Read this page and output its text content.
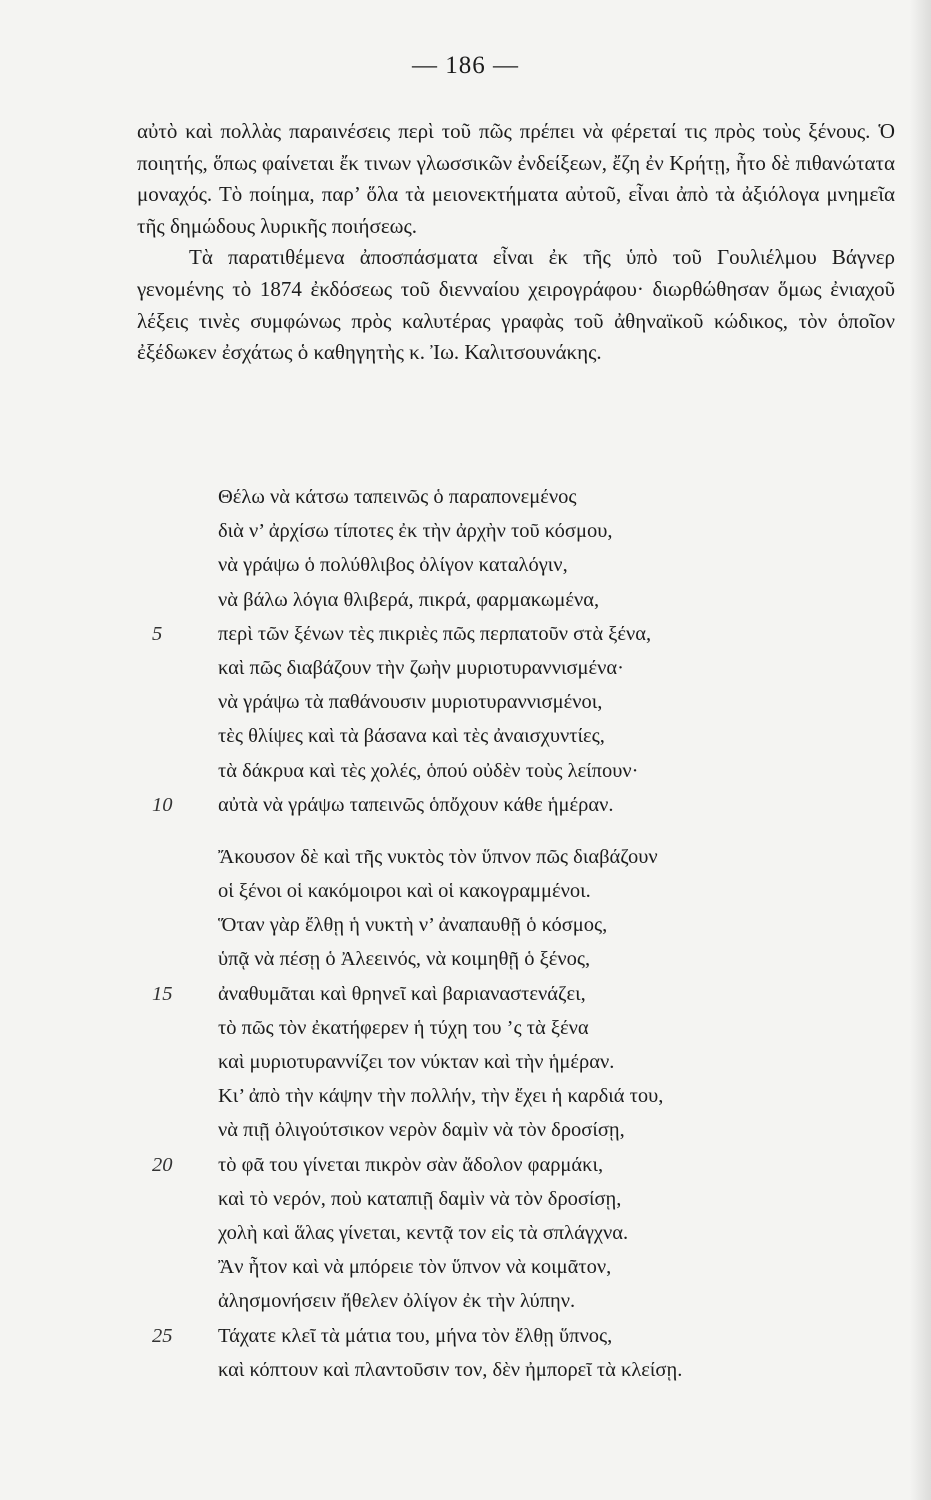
— 186 —

αὐτὸ καὶ πολλὰς παραινέσεις περὶ τοῦ πῶς πρέπει νὰ φέρεταί τις πρὸς τοὺς ξένους. Ὁ ποιητής, ὅπως φαίνεται ἔκ τινων γλωσσικῶν ἐνδείξεων, ἔζη ἐν Κρήτῃ, ἦτο δὲ πιθανώτατα μοναχός. Τὸ ποίημα, παρ’ ὅλα τὰ μειονεκτήματα αὐτοῦ, εἶναι ἀπὸ τὰ ἀξιόλογα μνημεῖα τῆς δημώδους λυρικῆς ποιήσεως.

Τὰ παρατιθέμενα ἀποσπάσματα εἶναι ἐκ τῆς ὑπὸ τοῦ Γουλιέλμου Βάγνερ γενομένης τὸ 1874 ἐκδόσεως τοῦ διενναίου χειρογράφου· διωρθώθησαν ὅμως ἐνιαχοῦ λέξεις τινὲς συμφώνως πρὸς καλυτέρας γραφὰς τοῦ ἀθηναϊκοῦ κώδικος, τὸν ὁποῖον ἐξέδωκεν ἐσχάτως ὁ καθηγητὴς κ. Ἰω. Καλιτσουνάκης.

Θέλω νὰ κάτσω ταπεινῶς ὁ παραπονεμένος
διὰ ν’ ἀρχίσω τίποτες ἐκ τὴν ἀρχὴν τοῦ κόσμου,
νὰ γράψω ὁ πολύθλιβος ὀλίγον καταλόγιν,
νὰ βάλω λόγια θλιβερά, πικρά, φαρμακωμένα,
5	περὶ τῶν ξένων τὲς πικριὲς πῶς περπατοῦν στὰ ξένα,
καὶ πῶς διαβάζουν τὴν ζωὴν μυριοτυραννισμένα·
νὰ γράψω τὰ παθάνουσιν μυριοτυραννισμένοι,
τὲς θλίψες καὶ τὰ βάσανα καὶ τὲς ἀναισχυντίες,
τὰ δάκρυα καὶ τὲς χολές, ὁπού οὐδὲν τοὺς λείπουν·
10	αὐτὰ νὰ γράψω ταπεινῶς ὁπὄχουν κάθε ἡμέραν.
Ἄκουσον δὲ καὶ τῆς νυκτὸς τὸν ὕπνον πῶς διαβάζουν
οἱ ξένοι οἱ κακόμοιροι καὶ οἱ κακογραμμένοι.
Ὅταν γὰρ ἔλθῃ ἡ νυκτὴ ν’ ἀναπαυθῇ ὁ κόσμος,
ὑπᾷ νὰ πέσῃ ὁ Ἀλεεινός, νὰ κοιμηθῇ ὁ ξένος,
15	ἀναθυμᾶται καὶ θρηνεῖ καὶ βαριαναστενάζει,
τὸ πῶς τὸν ἐκατήφερεν ἡ τύχη του ’ς τὰ ξένα
καὶ μυριοτυραννίζει τον νύκταν καὶ τὴν ἡμέραν.
Κι’ ἀπὸ τὴν κάψην τὴν πολλήν, τὴν ἔχει ἡ καρδιά του,
νὰ πιῇ ὀλιγούτσικον νερὸν δαμὶν νὰ τὸν δροσίσῃ,
20	τὸ φᾶ του γίνεται πικρὸν σὰν ἄδολον φαρμάκι,
καὶ τὸ νερόν, ποὺ καταπιῇ δαμὶν νὰ τὸν δροσίσῃ,
χολὴ καὶ ἅλας γίνεται, κεντᾷ τον εἰς τὰ σπλάγχνα.
Ἂν ἦτον καὶ νὰ μπόρειε τὸν ὕπνον νὰ κοιμᾶτον,
ἀλησμονήσειν ἤθελεν ὀλίγον ἐκ τὴν λύπην.
25	Τάχατε κλεῖ τὰ μάτια του, μήνα τὸν ἔλθῃ ὕπνος,
καὶ κόπτουν καὶ πλαντοῦσιν τον, δὲν ἠμπορεῖ τὰ κλείσῃ.
